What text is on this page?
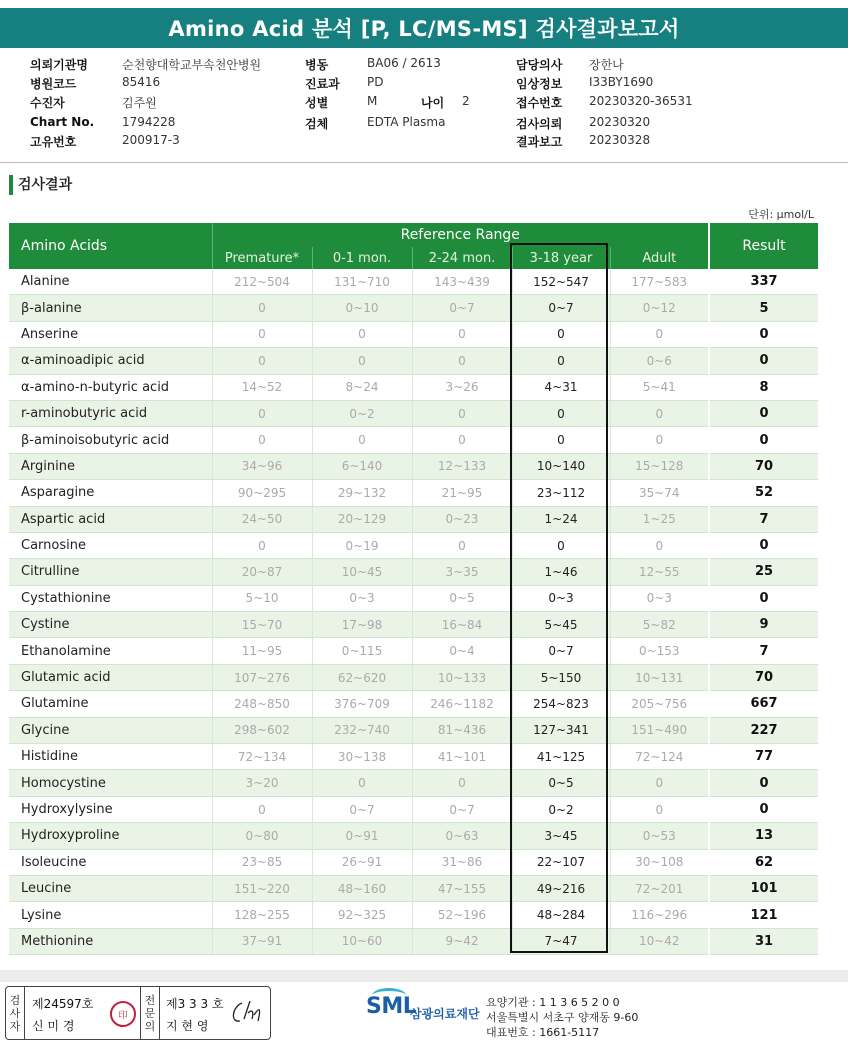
Amino Acid 분석 [P, LC/MS-MS] 검사결과보고서
의뢰기관명	순천향대학교부속천안병원
병원코드	85416
수진자	김주원
Chart No. 1794228
고유번호	200917-3
병동	BA06 / 2613
진료과 PD
성별	M
검체	EDTA Plasma
나이 2
담당의사 장한나
임상정보 I33BY1690
접수번호 20230320-36531
검사의뢰 20230320
결과보고 20230328
검사결과
단위: μmol/L
Amino Acids	Reference Range					Result
	Premature*	0-1 mon.	2-24 mon.	3-18 year	Adult	
Alanine	212~504	131~710	143~439	152~547	177~583	337
β-alanine	0	0~10	0~7	0~7	0~12	5
Anserine	0	0	0	0	0	0
α-aminoadipic acid	0	0	0	0	0~6	0
α-amino-n-butyric acid	14~52	8~24	3~26	4~31	5~41	8
r-aminobutyric acid	0	0~2	0	0	0	0
β-aminoisobutyric acid	0	0	0	0	0	0
Arginine	34~96	6~140	12~133	10~140	15~128	70
Asparagine	90~295	29~132	21~95	23~112	35~74	52
Aspartic acid	24~50	20~129	0~23	1~24	1~25	7
Carnosine	0	0~19	0	0	0	0
Citrulline	20~87	10~45	3~35	1~46	12~55	25
Cystathionine	5~10	0~3	0~5	0~3	0~3	0
Cystine	15~70	17~98	16~84	5~45	5~82	9
Ethanolamine	11~95	0~115	0~4	0~7	0~153	7
Glutamic acid	107~276	62~620	10~133	5~150	10~131	70
Glutamine	248~850	376~709	246~1182	254~823	205~756	667
Glycine	298~602	232~740	81~436	127~341	151~490	227
Histidine	72~134	30~138	41~101	41~125	72~124	77
Homocystine	3~20	0	0	0~5	0	0
Hydroxylysine	0	0~7	0~7	0~2	0	0
Hydroxyproline	0~80	0~91	0~63	3~45	0~53	13
Isoleucine	23~85	26~91	31~86	22~107	30~108	62
Leucine	151~220	48~160	47~155	49~216	72~201	101
Lysine	128~255	92~325	52~196	48~284	116~296	121
Methionine	37~91	10~60	9~42	7~47	10~42	31
검
사
자
제24597호
신 미 경
印
전
문
의
제3 3 3 호
지 현 영
SML
삼광의료재단
요양기관 : 1 1 3 6 5 2 0 0
서울특별시 서초구 양재동 9-60
대표번호 : 1661-5117
